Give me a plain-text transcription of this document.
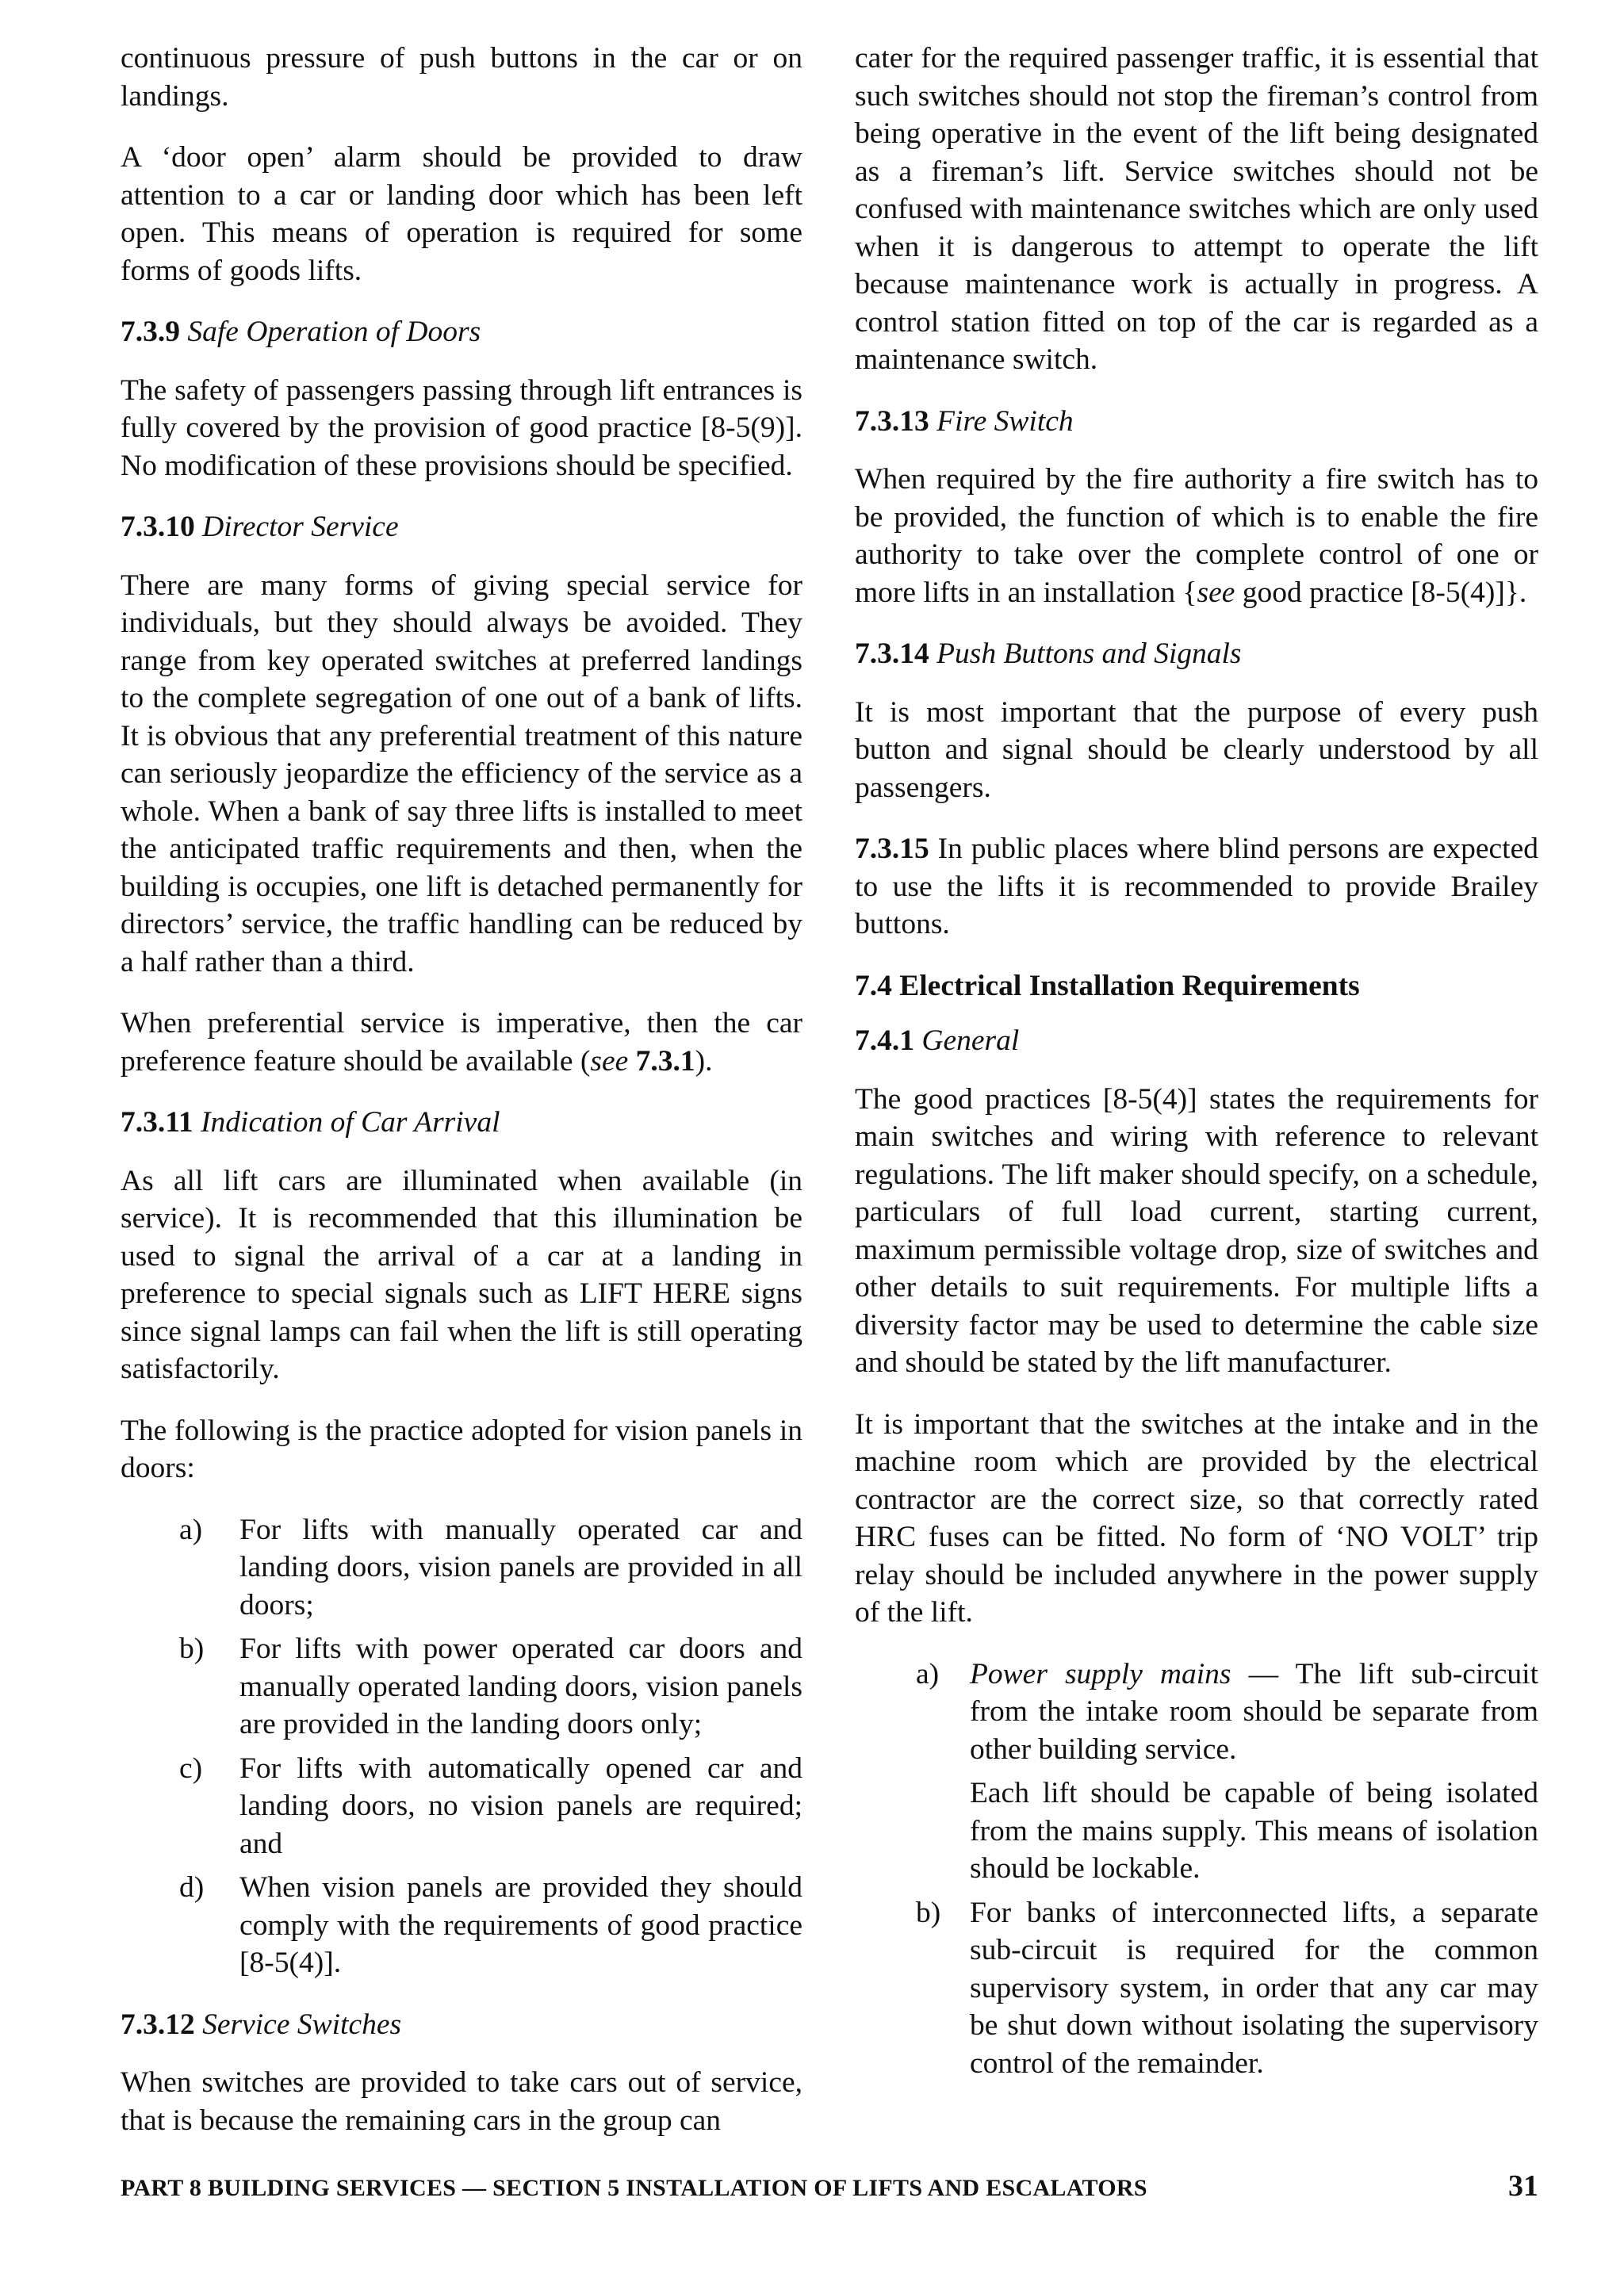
continuous pressure of push buttons in the car or on landings.

A ‘door open’ alarm should be provided to draw attention to a car or landing door which has been left open. This means of operation is required for some forms of goods lifts.

7.3.9 Safe Operation of Doors

The safety of passengers passing through lift entrances is fully covered by the provision of good practice [8-5(9)]. No modification of these provisions should be specified.

7.3.10 Director Service

There are many forms of giving special service for individuals, but they should always be avoided. They range from key operated switches at preferred landings to the complete segregation of one out of a bank of lifts. It is obvious that any preferential treatment of this nature can seriously jeopardize the efficiency of the service as a whole. When a bank of say three lifts is installed to meet the anticipated traffic requirements and then, when the building is occupies, one lift is detached permanently for directors’ service, the traffic handling can be reduced by a half rather than a third.

When preferential service is imperative, then the car preference feature should be available (see 7.3.1).

7.3.11 Indication of Car Arrival

As all lift cars are illuminated when available (in service). It is recommended that this illumination be used to signal the arrival of a car at a landing in preference to special signals such as LIFT HERE signs since signal lamps can fail when the lift is still operating satisfactorily.

The following is the practice adopted for vision panels in doors:

a) For lifts with manually operated car and landing doors, vision panels are provided in all doors;
b) For lifts with power operated car doors and manually operated landing doors, vision panels are provided in the landing doors only;
c) For lifts with automatically opened car and landing doors, no vision panels are required; and
d) When vision panels are provided they should comply with the requirements of good practice [8-5(4)].
7.3.12 Service Switches

When switches are provided to take cars out of service, that is because the remaining cars in the group can

cater for the required passenger traffic, it is essential that such switches should not stop the fireman’s control from being operative in the event of the lift being designated as a fireman’s lift. Service switches should not be confused with maintenance switches which are only used when it is dangerous to attempt to operate the lift because maintenance work is actually in progress. A control station fitted on top of the car is regarded as a maintenance switch.

7.3.13 Fire Switch

When required by the fire authority a fire switch has to be provided, the function of which is to enable the fire authority to take over the complete control of one or more lifts in an installation {see good practice [8-5(4)]}.

7.3.14 Push Buttons and Signals

It is most important that the purpose of every push button and signal should be clearly understood by all passengers.

7.3.15 In public places where blind persons are expected to use the lifts it is recommended to provide Brailey buttons.

7.4 Electrical Installation Requirements
7.4.1 General

The good practices [8-5(4)] states the requirements for main switches and wiring with reference to relevant regulations. The lift maker should specify, on a schedule, particulars of full load current, starting current, maximum permissible voltage drop, size of switches and other details to suit requirements. For multiple lifts a diversity factor may be used to determine the cable size and should be stated by the lift manufacturer.

It is important that the switches at the intake and in the machine room which are provided by the electrical contractor are the correct size, so that correctly rated HRC fuses can be fitted. No form of ‘NO VOLT’ trip relay should be included anywhere in the power supply of the lift.

a) Power supply mains — The lift sub-circuit from the intake room should be separate from other building service.
Each lift should be capable of being isolated from the mains supply. This means of isolation should be lockable.
b) For banks of interconnected lifts, a separate sub-circuit is required for the common supervisory system, in order that any car may be shut down without isolating the supervisory control of the remainder.
PART 8 BUILDING SERVICES — SECTION 5 INSTALLATION OF LIFTS AND ESCALATORS	31
